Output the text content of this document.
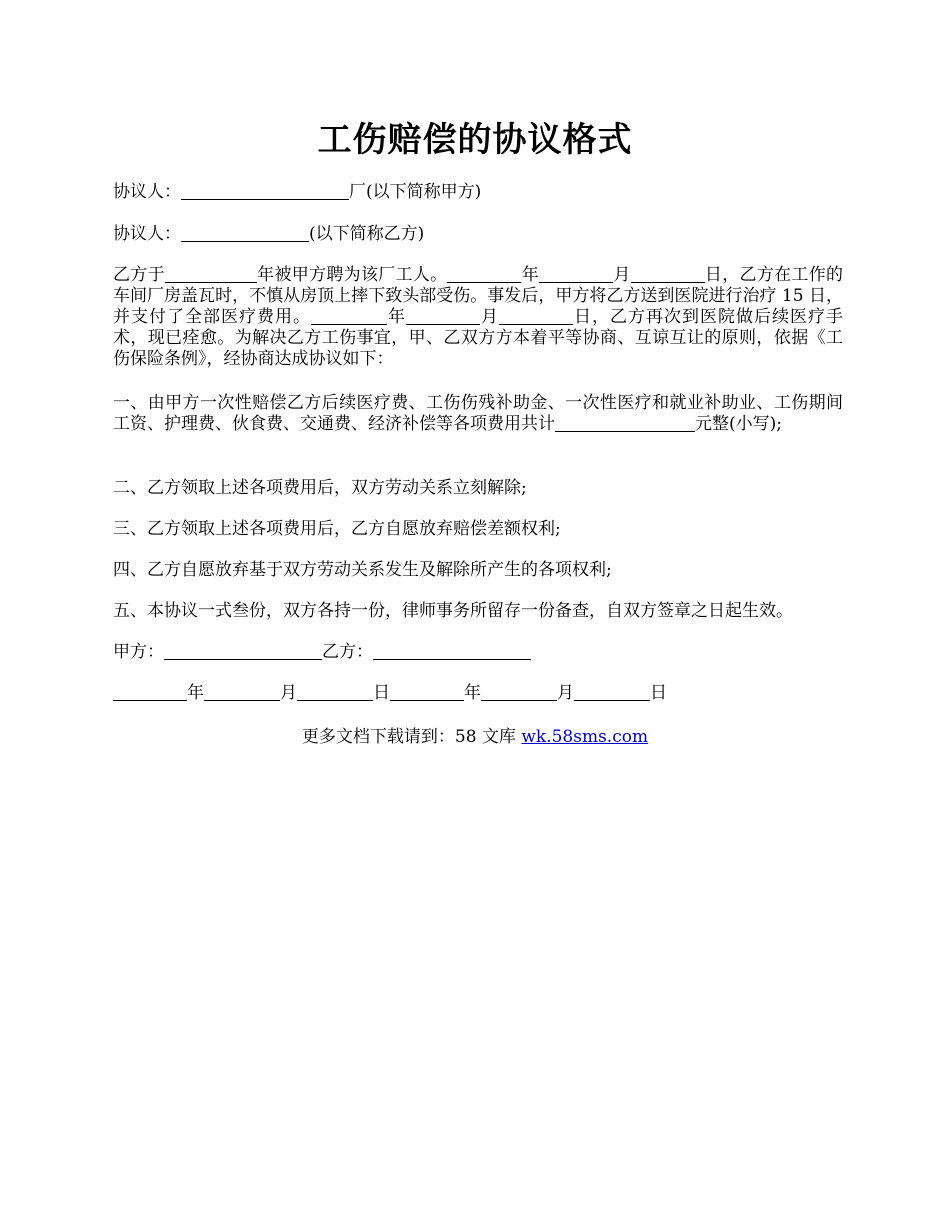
工伤赔偿的协议格式

协议人：	厂(以下简称甲方)

协议人：	(以下简称乙方)

乙方于	年被甲方聘为该厂工人。	年	月	日，乙方在工作的车间厂房盖瓦时，不慎从房顶上摔下致头部受伤。事发后，甲方将乙方送到医院进行治疗 15 日，并支付了全部医疗费用。	年	月	日，乙方再次到医院做后续医疗手术，现已痊愈。为解决乙方工伤事宜，甲、乙双方方本着平等协商、互谅互让的原则，依据《工伤保险条例》，经协商达成协议如下：

一、由甲方一次性赔偿乙方后续医疗费、工伤伤残补助金、一次性医疗和就业补助业、工伤期间工资、护理费、伙食费、交通费、经济补偿等各项费用共计	元整(小写);

二、乙方领取上述各项费用后，双方劳动关系立刻解除;

三、乙方领取上述各项费用后，乙方自愿放弃赔偿差额权利;

四、乙方自愿放弃基于双方劳动关系发生及解除所产生的各项权利;

五、本协议一式叁份，双方各持一份，律师事务所留存一份备查，自双方签章之日起生效。

甲方：	乙方：

年	月	日	年	月	日

更多文档下载请到：58 文库 wk.58sms.com
